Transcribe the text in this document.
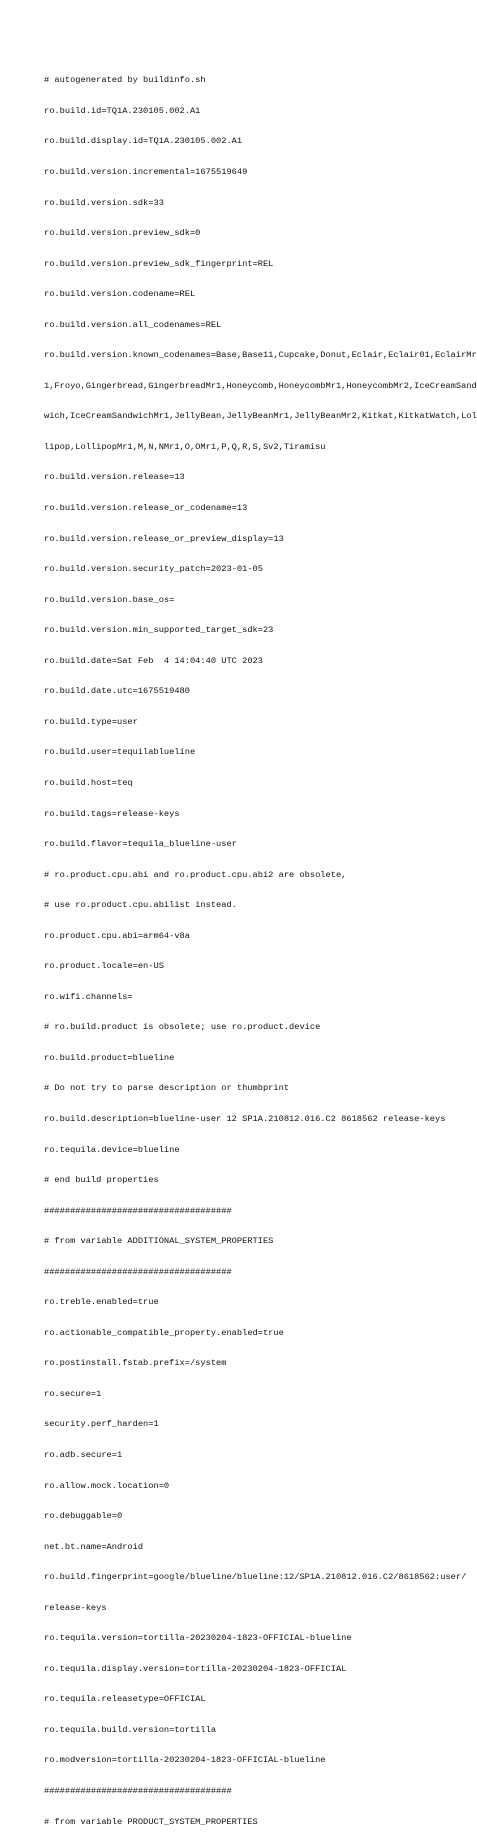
# autogenerated by buildinfo.sh

ro.build.id=TQ1A.230105.002.A1

ro.build.display.id=TQ1A.230105.002.A1

ro.build.version.incremental=1675519649

ro.build.version.sdk=33

ro.build.version.preview_sdk=0

ro.build.version.preview_sdk_fingerprint=REL

ro.build.version.codename=REL

ro.build.version.all_codenames=REL

ro.build.version.known_codenames=Base,Base11,Cupcake,Donut,Eclair,Eclair01,EclairMr

1,Froyo,Gingerbread,GingerbreadMr1,Honeycomb,HoneycombMr1,HoneycombMr2,IceCreamSand

wich,IceCreamSandwichMr1,JellyBean,JellyBeanMr1,JellyBeanMr2,Kitkat,KitkatWatch,Lol

lipop,LollipopMr1,M,N,NMr1,O,OMr1,P,Q,R,S,Sv2,Tiramisu

ro.build.version.release=13

ro.build.version.release_or_codename=13

ro.build.version.release_or_preview_display=13

ro.build.version.security_patch=2023-01-05

ro.build.version.base_os=

ro.build.version.min_supported_target_sdk=23

ro.build.date=Sat Feb  4 14:04:40 UTC 2023

ro.build.date.utc=1675519480

ro.build.type=user

ro.build.user=tequilablueline

ro.build.host=teq

ro.build.tags=release-keys

ro.build.flavor=tequila_blueline-user

# ro.product.cpu.abi and ro.product.cpu.abi2 are obsolete,

# use ro.product.cpu.abilist instead.

ro.product.cpu.abi=arm64-v8a

ro.product.locale=en-US

ro.wifi.channels=

# ro.build.product is obsolete; use ro.product.device

ro.build.product=blueline

# Do not try to parse description or thumbprint

ro.build.description=blueline-user 12 SP1A.210812.016.C2 8618562 release-keys

ro.tequila.device=blueline

# end build properties

####################################

# from variable ADDITIONAL_SYSTEM_PROPERTIES

####################################

ro.treble.enabled=true

ro.actionable_compatible_property.enabled=true

ro.postinstall.fstab.prefix=/system

ro.secure=1

security.perf_harden=1

ro.adb.secure=1

ro.allow.mock.location=0

ro.debuggable=0

net.bt.name=Android

ro.build.fingerprint=google/blueline/blueline:12/SP1A.210812.016.C2/8618562:user/

release-keys

ro.tequila.version=tortilla-20230204-1823-OFFICIAL-blueline

ro.tequila.display.version=tortilla-20230204-1823-OFFICIAL

ro.tequila.releasetype=OFFICIAL

ro.tequila.build.version=tortilla

ro.modversion=tortilla-20230204-1823-OFFICIAL-blueline

####################################

# from variable PRODUCT_SYSTEM_PROPERTIES
